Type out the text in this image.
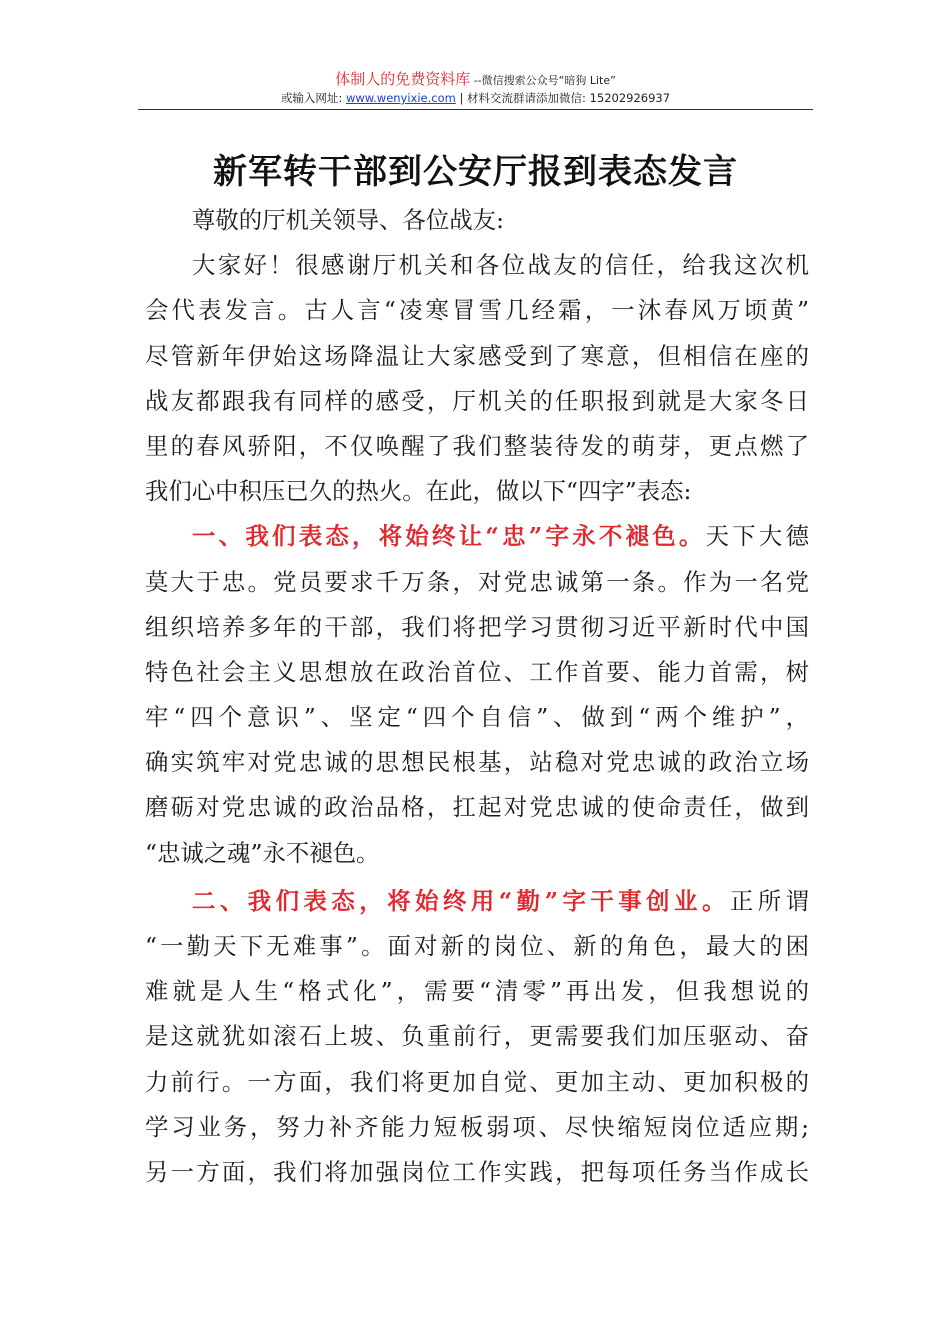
体制人的免费资料库 --微信搜索公众号“暗狗 Lite”
或输入网址: www.wenyixie.com | 材料交流群请添加微信: 15202926937
新军转干部到公安厅报到表态发言
尊敬的厅机关领导、各位战友:
大家好！很感谢厅机关和各位战友的信任，给我这次机
会代表发言。古人言“凌寒冒雪几经霜，一沐春风万顷黄”
尽管新年伊始这场降温让大家感受到了寒意，但相信在座的
战友都跟我有同样的感受，厅机关的任职报到就是大家冬日
里的春风骄阳，不仅唤醒了我们整装待发的萌芽，更点燃了
我们心中积压已久的热火。在此，做以下“四字”表态:
一、我们表态，将始终让“忠”字永不褪色。天下大德
莫大于忠。党员要求千万条，对党忠诚第一条。作为一名党
组织培养多年的干部，我们将把学习贯彻习近平新时代中国
特色社会主义思想放在政治首位、工作首要、能力首需，树
牢“四个意识”、坚定“四个自信”、做到“两个维护”，
确实筑牢对党忠诚的思想民根基，站稳对党忠诚的政治立场
磨砺对党忠诚的政治品格，扛起对党忠诚的使命责任，做到
“忠诚之魂”永不褪色。
二、我们表态，将始终用“勤”字干事创业。正所谓
“一勤天下无难事”。面对新的岗位、新的角色，最大的困
难就是人生“格式化”，需要“清零”再出发，但我想说的
是这就犹如滚石上坡、负重前行，更需要我们加压驱动、奋
力前行。一方面，我们将更加自觉、更加主动、更加积极的
学习业务，努力补齐能力短板弱项、尽快缩短岗位适应期;
另一方面，我们将加强岗位工作实践，把每项任务当作成长
